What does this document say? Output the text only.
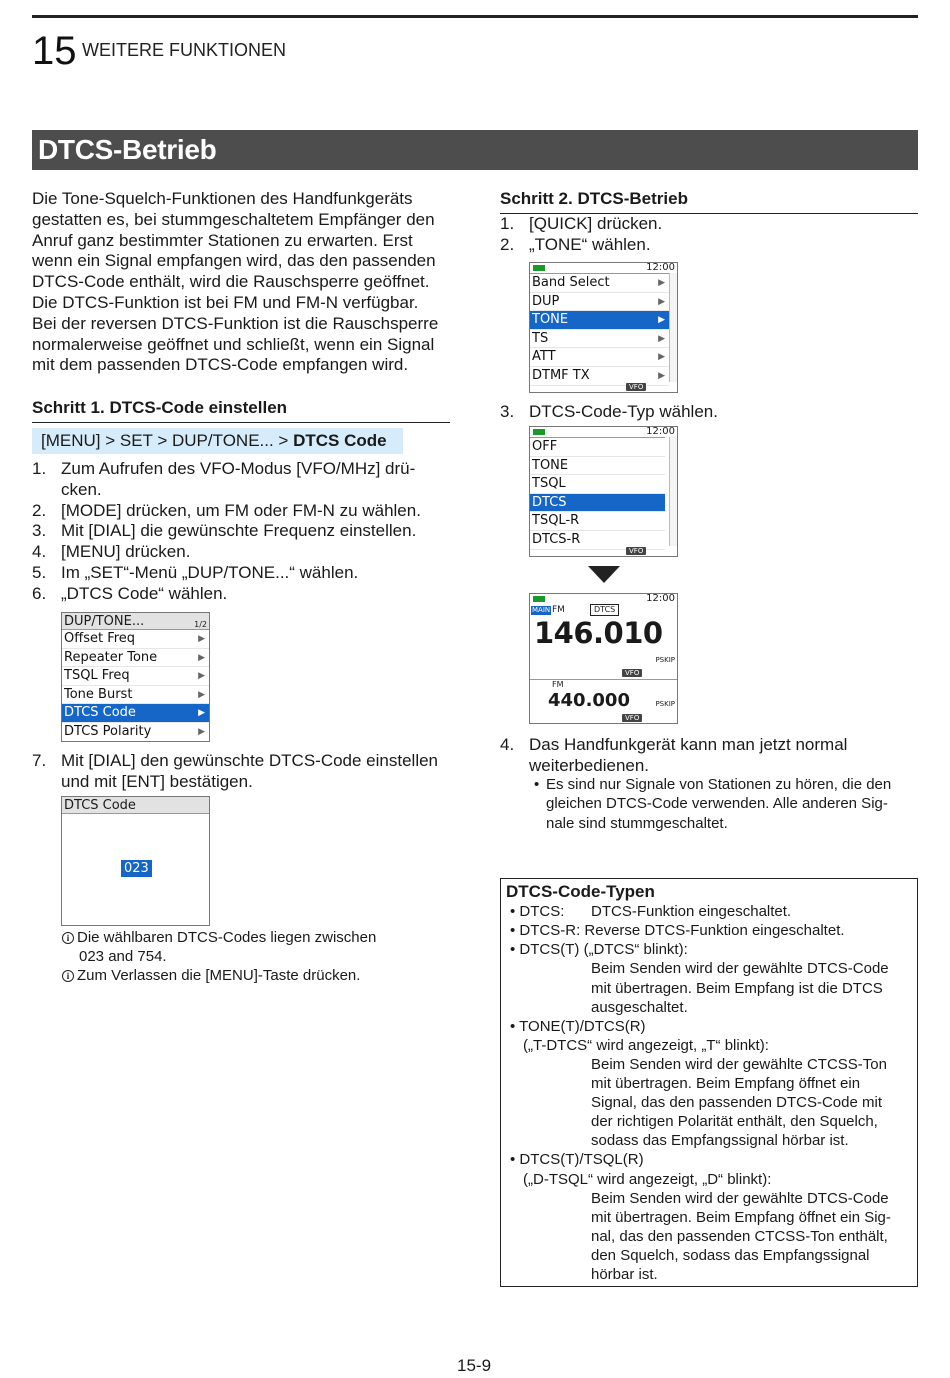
15 WEITERE FUNKTIONEN
DTCS-Betrieb
Die Tone-Squelch-Funktionen des Handfunkgeräts
gestatten es, bei stummgeschaltetem Empfänger den
Anruf ganz bestimmter Stationen zu erwarten. Erst
wenn ein Signal empfangen wird, das den passenden
DTCS-Code enthält, wird die Rauschsperre geöffnet.
Die DTCS-Funktion ist bei FM und FM-N verfügbar.
Bei der reversen DTCS-Funktion ist die Rauschsperre
normalerweise geöffnet und schließt, wenn ein Signal
mit dem passenden DTCS-Code empfangen wird.
Schritt 1. DTCS-Code einstellen
[MENU] > SET > DUP/TONE... > DTCS Code
1. Zum Aufrufen des VFO-Modus [VFO/MHz] drü-
cken.
2. [MODE] drücken, um FM oder FM-N zu wählen.
3. Mit [DIAL] die gewünschte Frequenz einstellen.
4. [MENU] drücken.
5. Im „SET“-Menü „DUP/TONE...“ wählen.
6. „DTCS Code“ wählen.
DUP/TONE...	1/2
Offset Freq	▶
Repeater Tone	▶
TSQL Freq	▶
Tone Burst	▶
DTCS Code	▶
DTCS Polarity	▶
7. Mit [DIAL] den gewünschte DTCS-Code einstellen
und mit [ENT] bestätigen.
DTCS Code
023
i Die wählbaren DTCS-Codes liegen zwischen
023 and 754.
i Zum Verlassen die [MENU]-Taste drücken.
Schritt 2. DTCS-Betrieb
1. [QUICK] drücken.
2. „TONE“ wählen.
12:00
Band Select	▶
DUP	▶
TONE	▶
TS	▶
ATT	▶
DTMF TX	▶
VFO
3. DTCS-Code-Typ wählen.
12:00
OFF
TONE
TSQL
DTCS
TSQL-R
DTCS-R
VFO
12:00
MAIN FM	DTCS
146.010
PSKIP
VFO
FM
440.000	PSKIP
VFO
4. Das Handfunkgerät kann man jetzt normal
weiterbedienen.
• Es sind nur Signale von Stationen zu hören, die den
gleichen DTCS-Code verwenden. Alle anderen Sig-
nale sind stummgeschaltet.
DTCS-Code-Typen
• DTCS: DTCS-Funktion eingeschaltet.
• DTCS-R: Reverse DTCS-Funktion eingeschaltet.
• DTCS(T) („DTCS“ blinkt):
Beim Senden wird der gewählte DTCS-Code
mit übertragen. Beim Empfang ist die DTCS
ausgeschaltet.
• TONE(T)/DTCS(R)
(„T-DTCS“ wird angezeigt, „T“ blinkt):
Beim Senden wird der gewählte CTCSS-Ton
mit übertragen. Beim Empfang öffnet ein
Signal, das den passenden DTCS-Code mit
der richtigen Polarität enthält, den Squelch,
sodass das Empfangssignal hörbar ist.
• DTCS(T)/TSQL(R)
(„D-TSQL“ wird angezeigt, „D“ blinkt):
Beim Senden wird der gewählte DTCS-Code
mit übertragen. Beim Empfang öffnet ein Sig-
nal, das den passenden CTCSS-Ton enthält,
den Squelch, sodass das Empfangssignal
hörbar ist.
15-9
